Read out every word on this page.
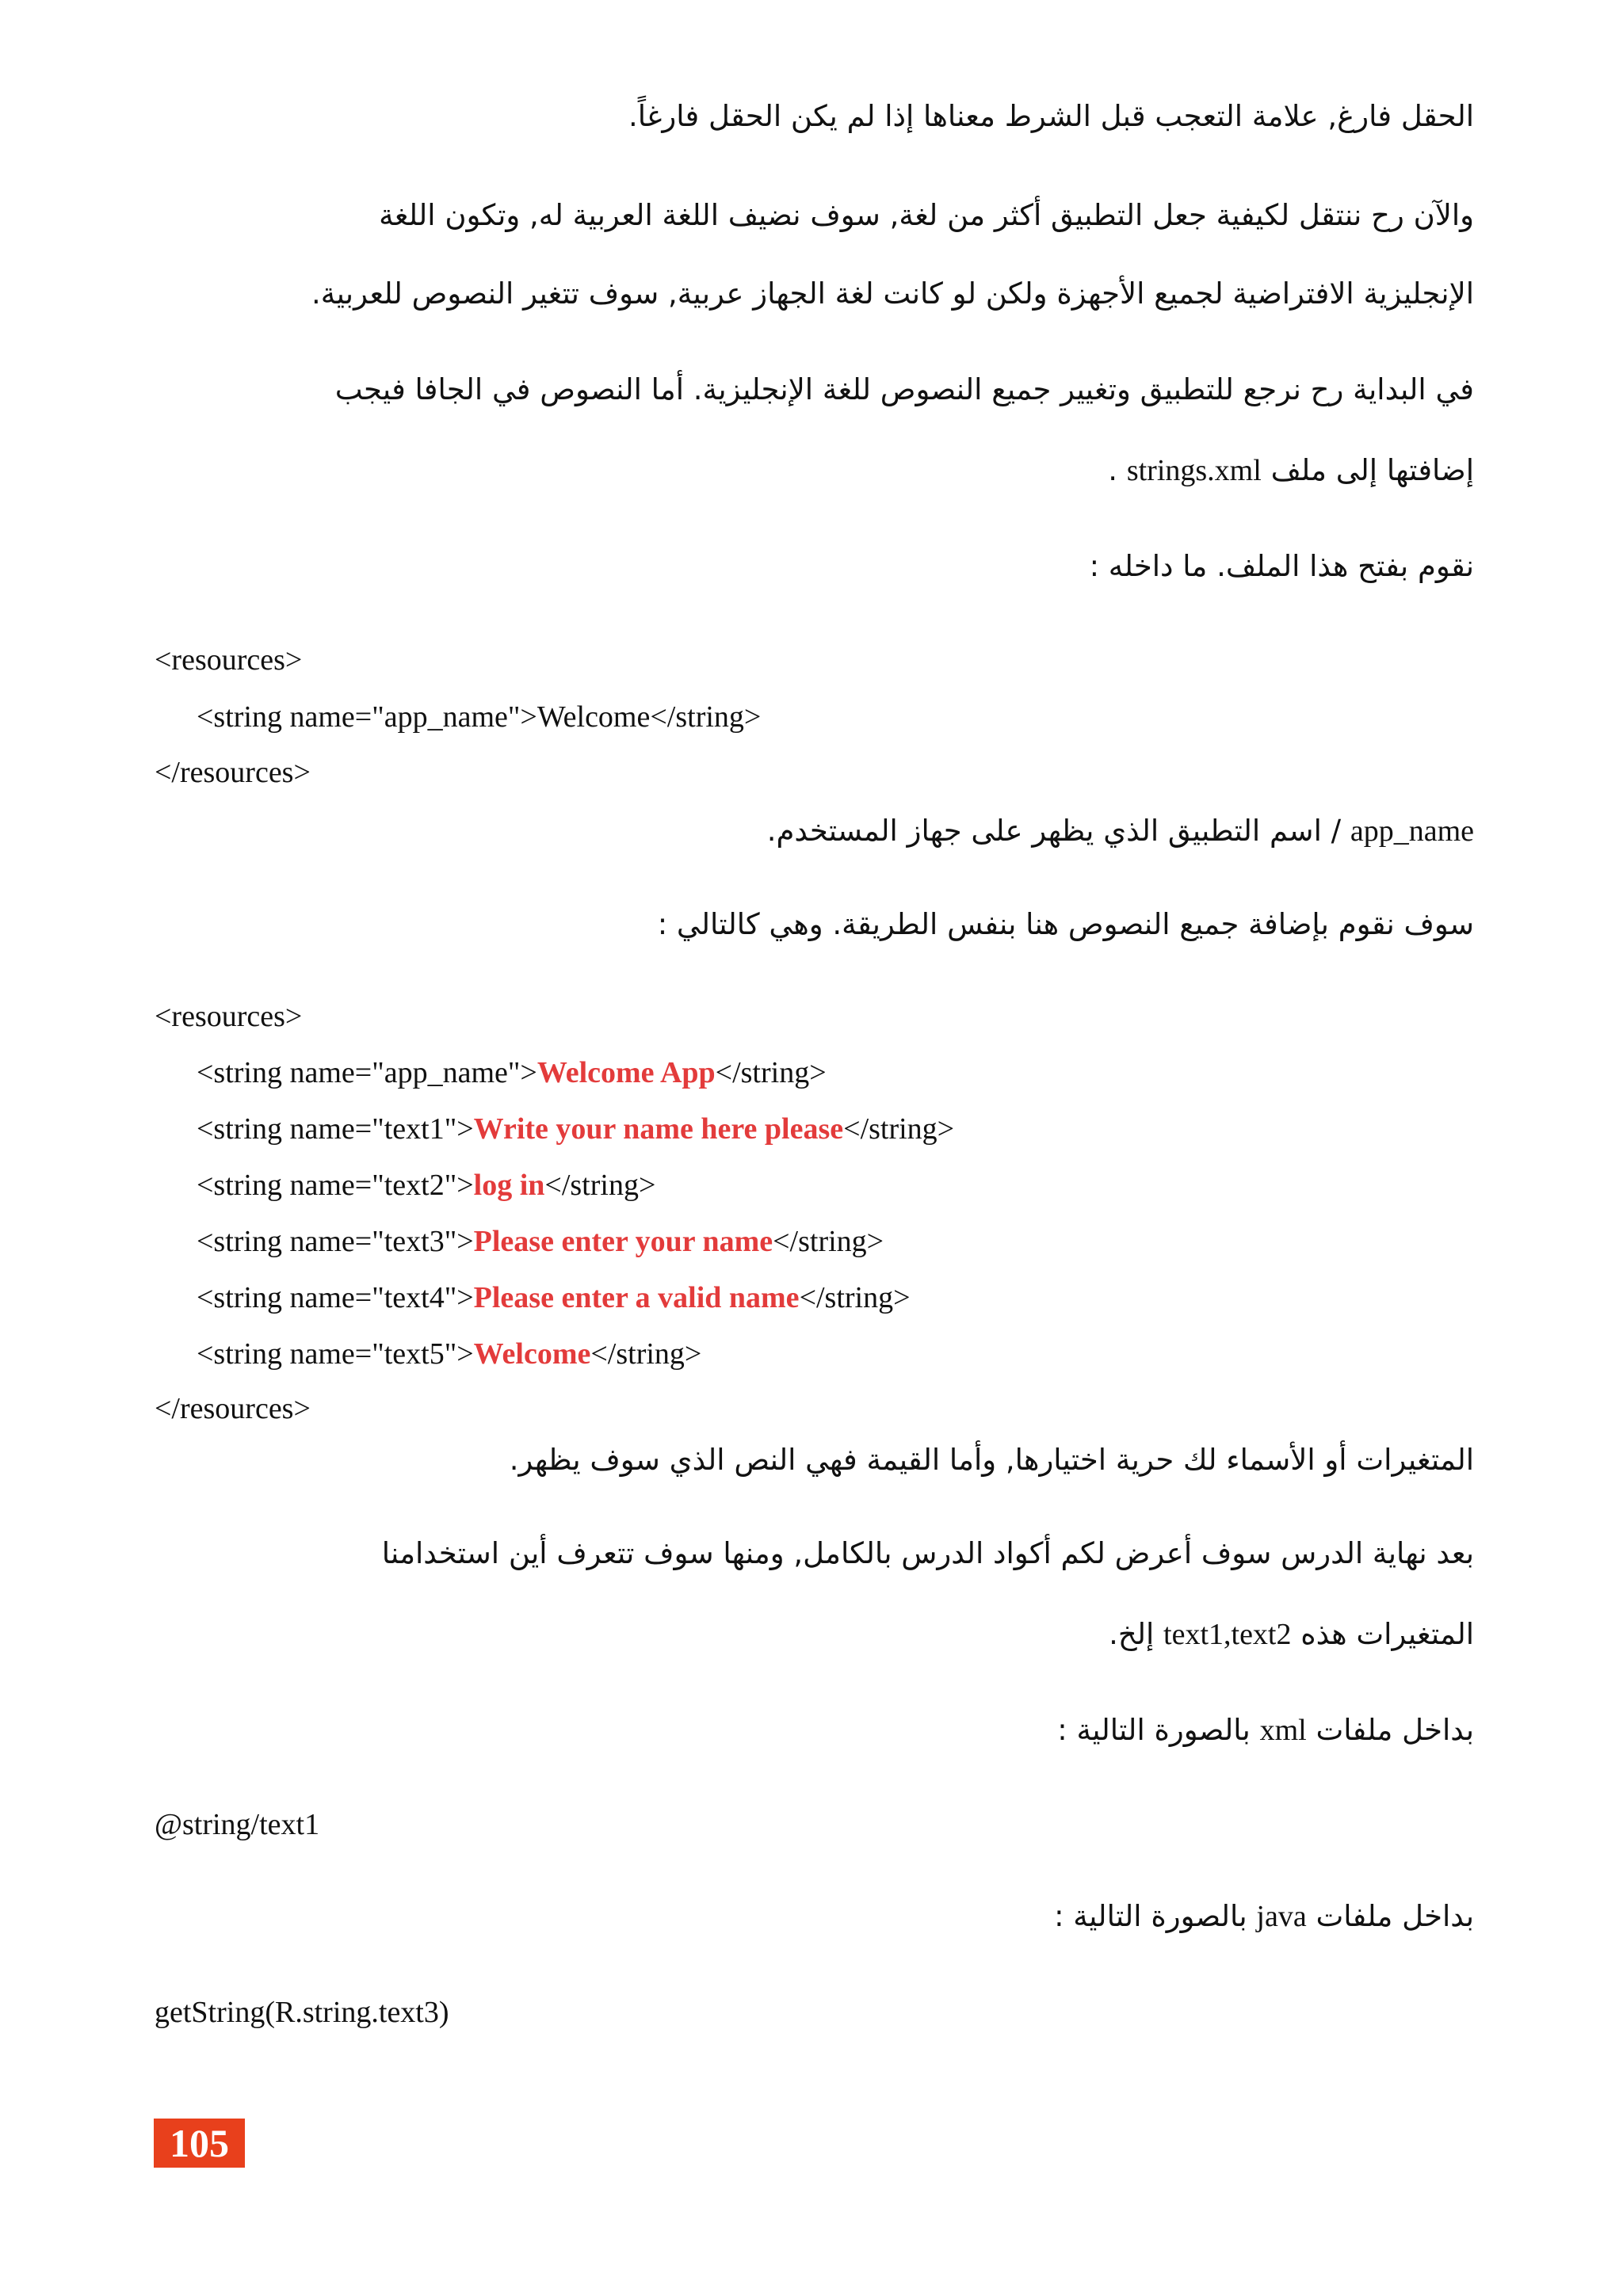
الحقل فارغ, علامة التعجب قبل الشرط معناها إذا لم يكن الحقل فارغاً.
والآن رح ننتقل لكيفية جعل التطبيق أكثر من لغة, سوف نضيف اللغة العربية له, وتكون اللغة
الإنجليزية الافتراضية لجميع الأجهزة ولكن لو كانت لغة الجهاز عربية, سوف تتغير النصوص للعربية.
في البداية رح نرجع للتطبيق وتغيير جميع النصوص للغة الإنجليزية. أما النصوص في الجافا فيجب
إضافتها إلى ملف strings.xml .
نقوم بفتح هذا الملف. ما داخله :
<resources>
<string name="app_name">Welcome</string>
</resources>
app_name / اسم التطبيق الذي يظهر على جهاز المستخدم.
سوف نقوم بإضافة جميع النصوص هنا بنفس الطريقة. وهي كالتالي :
<resources>
<string name="app_name">Welcome App</string>
<string name="text1">Write your name here please</string>
<string name="text2">log in</string>
<string name="text3">Please enter your name</string>
<string name="text4">Please enter a valid name</string>
<string name="text5">Welcome</string>
</resources>
المتغيرات أو الأسماء لك حرية اختيارها, وأما القيمة فهي النص الذي سوف يظهر.
بعد نهاية الدرس سوف أعرض لكم أكواد الدرس بالكامل, ومنها سوف تتعرف أين استخدامنا
المتغيرات هذه text1,text2 إلخ.
بداخل ملفات xml بالصورة التالية :
@string/text1
بداخل ملفات java بالصورة التالية :
getString(R.string.text3)
105
